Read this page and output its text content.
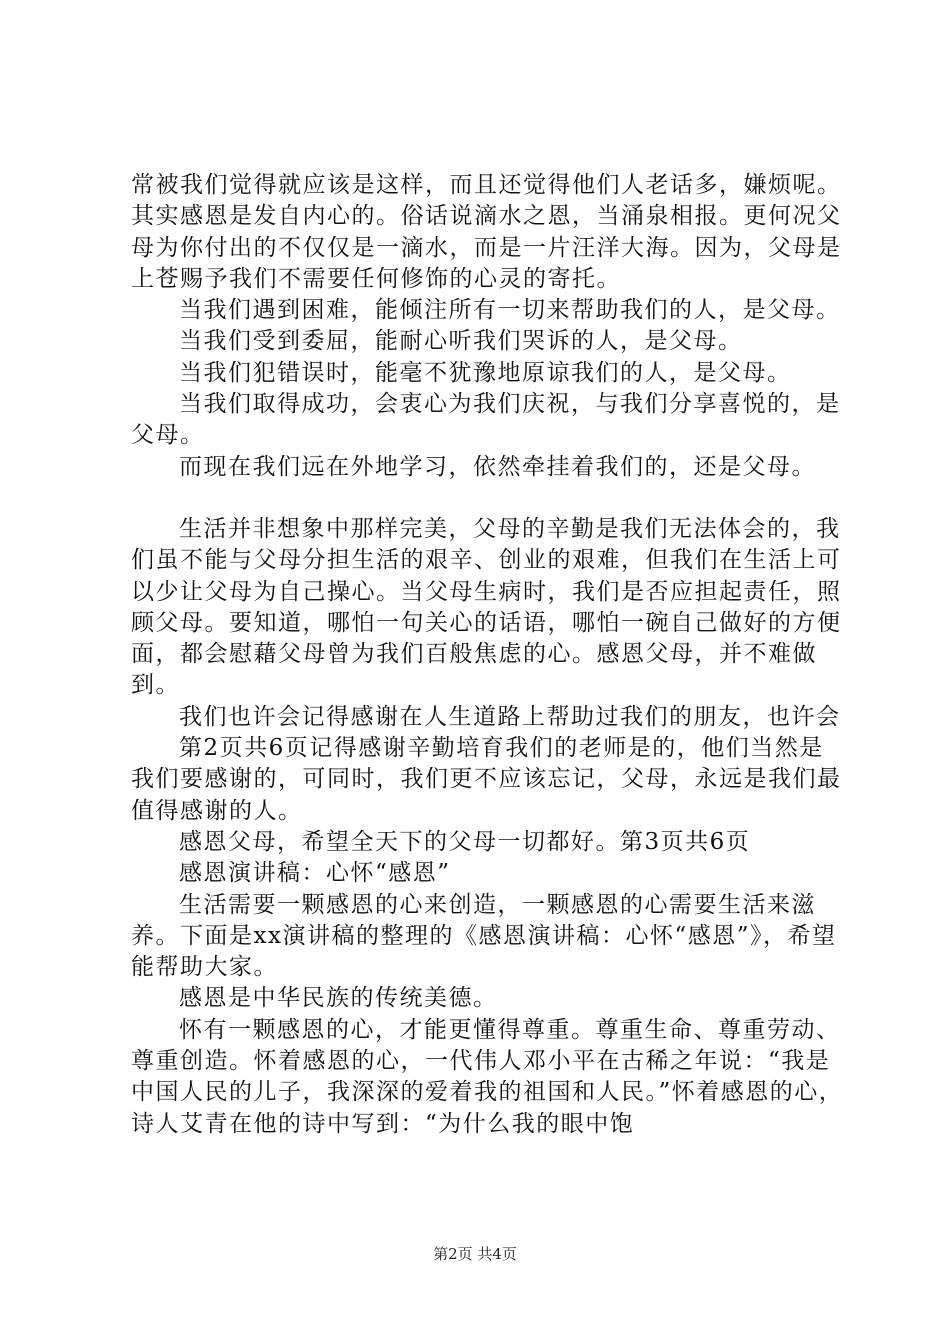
常被我们觉得就应该是这样，而且还觉得他们人老话多，嫌烦呢。其实感恩是发自内心的。俗话说滴水之恩，当涌泉相报。更何况父母为你付出的不仅仅是一滴水，而是一片汪洋大海。因为，父母是上苍赐予我们不需要任何修饰的心灵的寄托。

当我们遇到困难，能倾注所有一切来帮助我们的人，是父母。

当我们受到委屈，能耐心听我们哭诉的人，是父母。

当我们犯错误时，能毫不犹豫地原谅我们的人，是父母。

当我们取得成功，会衷心为我们庆祝，与我们分享喜悦的，是父母。

而现在我们远在外地学习，依然牵挂着我们的，还是父母。

生活并非想象中那样完美，父母的辛勤是我们无法体会的，我们虽不能与父母分担生活的艰辛、创业的艰难，但我们在生活上可以少让父母为自己操心。当父母生病时，我们是否应担起责任，照顾父母。要知道，哪怕一句关心的话语，哪怕一碗自己做好的方便面，都会慰藉父母曾为我们百般焦虑的心。感恩父母，并不难做到。

我们也许会记得感谢在人生道路上帮助过我们的朋友，也许会

第2页共6页记得感谢辛勤培育我们的老师是的，他们当然是我们要感谢的，可同时，我们更不应该忘记，父母，永远是我们最值得感谢的人。

感恩父母，希望全天下的父母一切都好。第3页共6页

感恩演讲稿：心怀“感恩”

生活需要一颗感恩的心来创造，一颗感恩的心需要生活来滋养。下面是xx演讲稿的整理的《感恩演讲稿：心怀“感恩”》，希望能帮助大家。

感恩是中华民族的传统美德。

怀有一颗感恩的心，才能更懂得尊重。尊重生命、尊重劳动、尊重创造。怀着感恩的心，一代伟人邓小平在古稀之年说：“我是中国人民的儿子，我深深的爱着我的祖国和人民。”怀着感恩的心，诗人艾青在他的诗中写到：“为什么我的眼中饱

第2页 共4页
